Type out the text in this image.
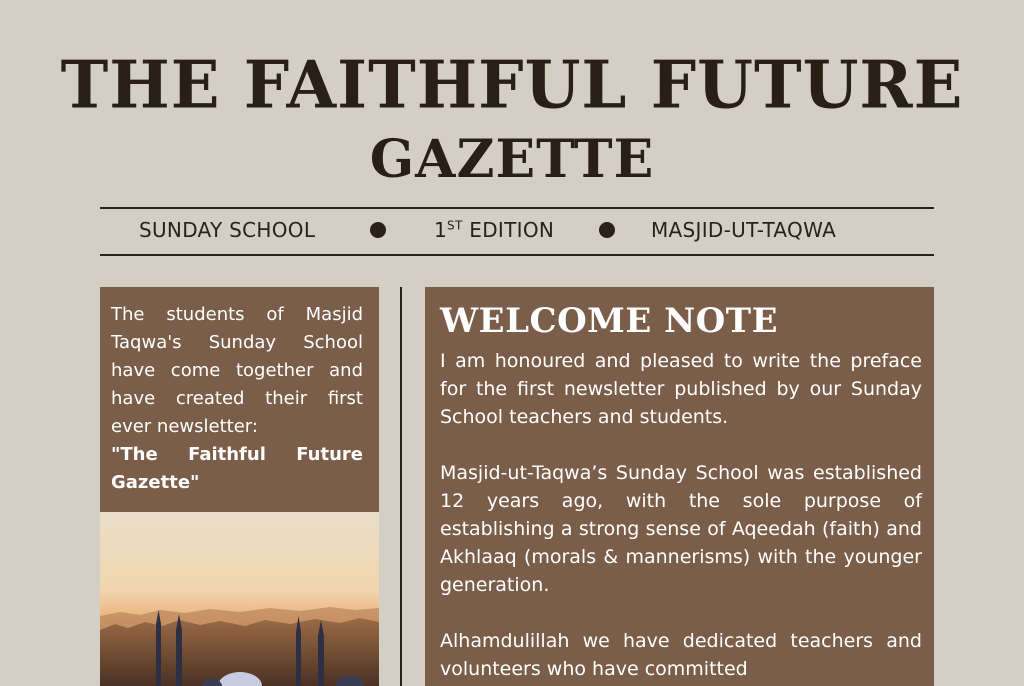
THE FAITHFUL FUTURE
GAZETTE
SUNDAY SCHOOL	1ST EDITION	MASJID-UT-TAQWA
The students of Masjid Taqwa's Sunday School have come together and have created their first ever newsletter:
"The Faithful Future
Gazette"
WELCOME NOTE

I am honoured and pleased to write the preface for the first newsletter published by our Sunday School teachers and students.

Masjid-ut-Taqwa’s Sunday School was established 12 years ago, with the sole purpose of establishing a strong sense of Aqeedah (faith) and Akhlaaq (morals & mannerisms) with the younger generation.

Alhamdulillah we have dedicated teachers and volunteers who have committed
